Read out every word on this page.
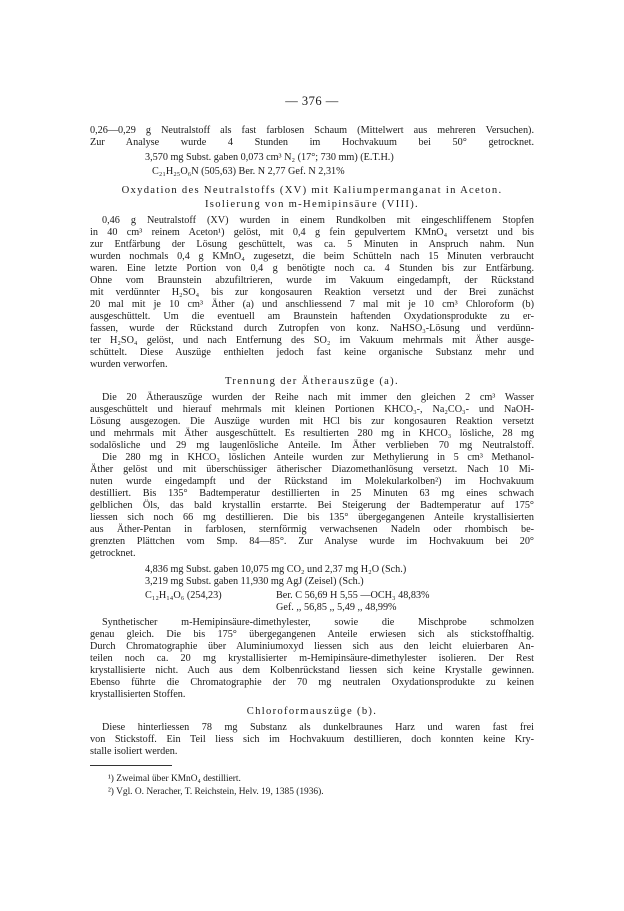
— 376 —
0,26—0,29 g Neutralstoff als fast farblosen Schaum (Mittelwert aus mehreren Versuchen).
Zur Analyse wurde 4 Stunden im Hochvakuum bei 50° getrocknet.
3,570 mg Subst. gaben 0,073 cm³ N₂ (17°; 730 mm) (E.T.H.)
C₂₁H₂₅O₆N (505,63) Ber. N 2,77 Gef. N 2,31%
Oxydation des Neutralstoffs (XV) mit Kaliumpermanganat in Aceton.
Isolierung von m-Hemipinsäure (VIII).
0,46 g Neutralstoff (XV) wurden in einem Rundkolben mit eingeschliffenem Stopfen
in 40 cm³ reinem Aceton¹) gelöst, mit 0,4 g fein gepulvertem KMnO₄ versetzt und bis
zur Entfärbung der Lösung geschüttelt, was ca. 5 Minuten in Anspruch nahm. Nun
wurden nochmals 0,4 g KMnO₄ zugesetzt, die beim Schütteln nach 15 Minuten verbraucht
waren. Eine letzte Portion von 0,4 g benötigte noch ca. 4 Stunden bis zur Entfärbung.
Ohne vom Braunstein abzufiltrieren, wurde im Vakuum eingedampft, der Rückstand
mit verdünnter H₂SO₄ bis zur kongosauren Reaktion versetzt und der Brei zunächst
20 mal mit je 10 cm³ Äther (a) und anschliessend 7 mal mit je 10 cm³ Chloroform (b)
ausgeschüttelt. Um die eventuell am Braunstein haftenden Oxydationsprodukte zu er-
fassen, wurde der Rückstand durch Zutropfen von konz. NaHSO₃-Lösung und verdünn-
ter H₂SO₄ gelöst, und nach Entfernung des SO₂ im Vakuum mehrmals mit Äther ausge-
schüttelt. Diese Auszüge enthielten jedoch fast keine organische Substanz mehr und
wurden verworfen.
Trennung der Ätherauszüge (a).
Die 20 Ätherauszüge wurden der Reihe nach mit immer den gleichen 2 cm³ Wasser
ausgeschüttelt und hierauf mehrmals mit kleinen Portionen KHCO₃-, Na₂CO₃- und NaOH-
Lösung ausgezogen. Die Auszüge wurden mit HCl bis zur kongosauren Reaktion versetzt
und mehrmals mit Äther ausgeschüttelt. Es resultierten 280 mg in KHCO₃ lösliche, 28 mg
sodalösliche und 29 mg laugenlösliche Anteile. Im Äther verblieben 70 mg Neutralstoff.
Die 280 mg in KHCO₃ löslichen Anteile wurden zur Methylierung in 5 cm³ Methanol-
Äther gelöst und mit überschüssiger ätherischer Diazomethanlösung versetzt. Nach 10 Mi-
nuten wurde eingedampft und der Rückstand im Molekularkolben²) im Hochvakuum
destilliert. Bis 135° Badtemperatur destillierten in 25 Minuten 63 mg eines schwach
gelblichen Öls, das bald krystallin erstarrte. Bei Steigerung der Badtemperatur auf 175°
liessen sich noch 66 mg destillieren. Die bis 135° übergegangenen Anteile krystallisierten
aus Äther-Pentan in farblosen, sternförmig verwachsenen Nadeln oder rhombisch be-
grenzten Plättchen vom Smp. 84—85°. Zur Analyse wurde im Hochvakuum bei 20°
getrocknet.
4,836 mg Subst. gaben 10,075 mg CO₂ und 2,37 mg H₂O (Sch.)
3,219 mg Subst. gaben 11,930 mg AgJ (Zeisel) (Sch.)
C₁₂H₁₄O₆ (254,23)	Ber. C 56,69 H 5,55 —OCH₃ 48,83%
Gef. ,, 56,85 ,, 5,49 ,, 48,99%
Synthetischer m-Hemipinsäure-dimethylester, sowie die Mischprobe schmolzen
genau gleich. Die bis 175° übergegangenen Anteile erwiesen sich als stickstoffhaltig.
Durch Chromatographie über Aluminiumoxyd liessen sich aus den leicht eluierbaren An-
teilen noch ca. 20 mg krystallisierter m-Hemipinsäure-dimethylester isolieren. Der Rest
krystallisierte nicht. Auch aus dem Kolbenrückstand liessen sich keine Krystalle gewinnen.
Ebenso führte die Chromatographie der 70 mg neutralen Oxydationsprodukte zu keinen
krystallisierten Stoffen.
Chloroformauszüge (b).
Diese hinterliessen 78 mg Substanz als dunkelbraunes Harz und waren fast frei
von Stickstoff. Ein Teil liess sich im Hochvakuum destillieren, doch konnten keine Kry-
stalle isoliert werden.
¹) Zweimal über KMnO₄ destilliert.
²) Vgl. O. Neracher, T. Reichstein, Helv. 19, 1385 (1936).
